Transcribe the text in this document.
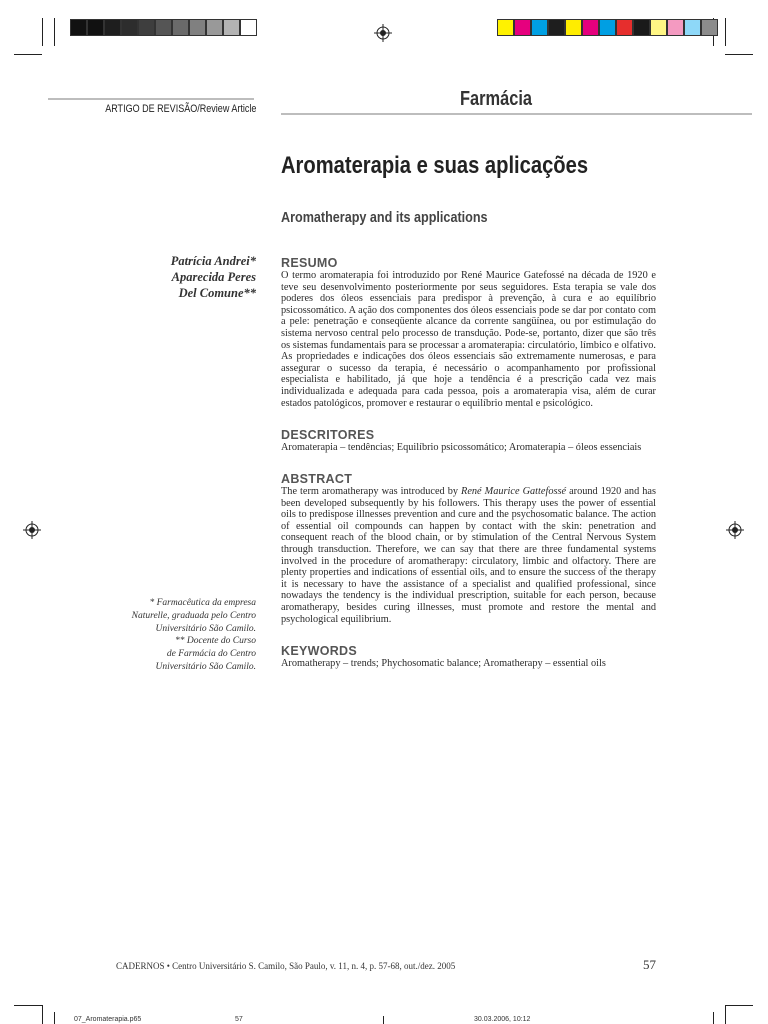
ARTIGO DE REVISÃO/Review Article	Farmácia
Aromaterapia e suas aplicações
Aromatherapy and its applications
Patrícia Andrei*
Aparecida Peres
Del Comune**
* Farmacêutica da empresa
Naturelle, graduada pelo Centro
Universitário São Camilo.
** Docente do Curso
de Farmácia do Centro
Universitário São Camilo.
RESUMO

O termo aromaterapia foi introduzido por René Maurice Gatefossé na década de 1920 e teve seu desenvolvimento posteriormente por seus seguidores. Esta terapia se vale dos poderes dos óleos essenciais para predispor à prevenção, à cura e ao equilíbrio psicossomático. A ação dos componentes dos óleos essenciais pode se dar por contato com a pele: penetração e conseqüente alcance da corrente sangüínea, ou por estimulação do sistema nervoso central pelo processo de transdução. Pode-se, portanto, dizer que são três os sistemas fundamentais para se processar a aromaterapia: circulatório, límbico e olfativo. As propriedades e indicações dos óleos essenciais são extremamente numerosas, e para assegurar o sucesso da terapia, é necessário o acompanhamento por profissional especialista e habilitado, já que hoje a tendência é a prescrição cada vez mais individualizada e adequada para cada pessoa, pois a aromaterapia visa, além de curar estados patológicos, promover e restaurar o equilíbrio mental e psicológico.

DESCRITORES

Aromaterapia – tendências; Equilíbrio psicossomático; Aromaterapia – óleos essenciais

ABSTRACT

The term aromatherapy was introduced by René Maurice Gattefossé around 1920 and has been developed subsequently by his followers. This therapy uses the power of essential oils to predispose illnesses prevention and cure and the psychosomatic balance. The action of essential oil compounds can happen by contact with the skin: penetration and consequent reach of the blood chain, or by stimulation of the Central Nervous System through transduction. Therefore, we can say that there are three fundamental systems involved in the procedure of aromatherapy: circulatory, limbic and olfactory. There are plenty properties and indications of essential oils, and to ensure the success of the therapy it is necessary to have the assistance of a specialist and qualified professional, since nowadays the tendency is the individual prescription, suitable for each person, because aromatherapy, besides curing illnesses, must promote and restore the mental and psychological equilibrium.

KEYWORDS

Aromatherapy – trends; Phychosomatic balance; Aromatherapy – essential oils

CADERNOS • Centro Universitário S. Camilo, São Paulo, v. 11, n. 4, p. 57-68, out./dez. 2005	57
07_Aromaterapia.p65	57	30.03.2006, 10:12
